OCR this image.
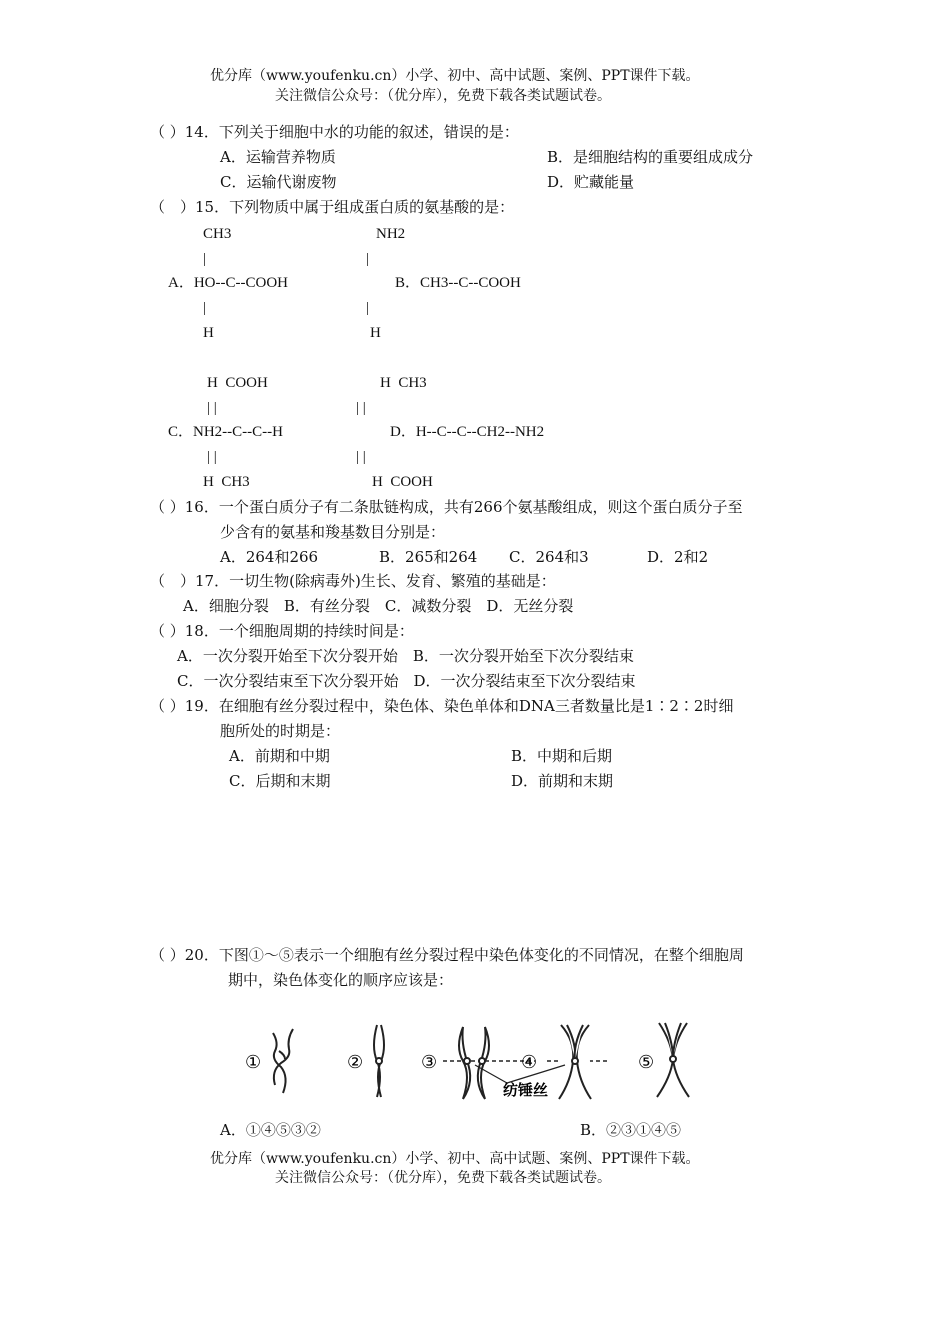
优分库（www.youfenku.cn）小学、初中、高中试题、案例、PPT课件下载。
关注微信公众号：（优分库），免费下载各类试题试卷。
（ ）14．下列关于细胞中水的功能的叙述，错误的是：
A．运输营养物质	B．是细胞结构的重要组成成分
C．运输代谢废物	D．贮藏能量
（　）15．下列物质中属于组成蛋白质的氨基酸的是：
CH3	NH2
|	|
A．HO--C--COOH	B．CH3--C--COOH
|	|
H	H
H  COOH	H  CH3
| |	| |
C．NH2--C--C--H	D．H--C--C--CH2--NH2
| |	| |
H  CH3	H  COOH
（ ）16．一个蛋白质分子有二条肽链构成，共有266个氨基酸组成，则这个蛋白质分子至
少含有的氨基和羧基数目分别是：
A．264和266	B．265和264 C．264和3	D．2和2
（　）17．一切生物(除病毒外)生长、发育、繁殖的基础是：
A．细胞分裂　B．有丝分裂　C．减数分裂　D．无丝分裂
（ ）18．一个细胞周期的持续时间是：
A．一次分裂开始至下次分裂开始　B．一次分裂开始至下次分裂结束
C．一次分裂结束至下次分裂开始　D．一次分裂结束至下次分裂结束
（ ）19．在细胞有丝分裂过程中，染色体、染色单体和DNA三者数量比是1∶2∶2时细
胞所处的时期是：
A．前期和中期	B．中期和后期
C．后期和末期	D．前期和末期
（ ）20．下图①～⑤表示一个细胞有丝分裂过程中染色体变化的不同情况，在整个细胞周
期中，染色体变化的顺序应该是：
①	②	③	④
纺锤丝
⑤
A．①④⑤③②	B．②③①④⑤
优分库（www.youfenku.cn）小学、初中、高中试题、案例、PPT课件下载。
关注微信公众号：（优分库），免费下载各类试题试卷。
